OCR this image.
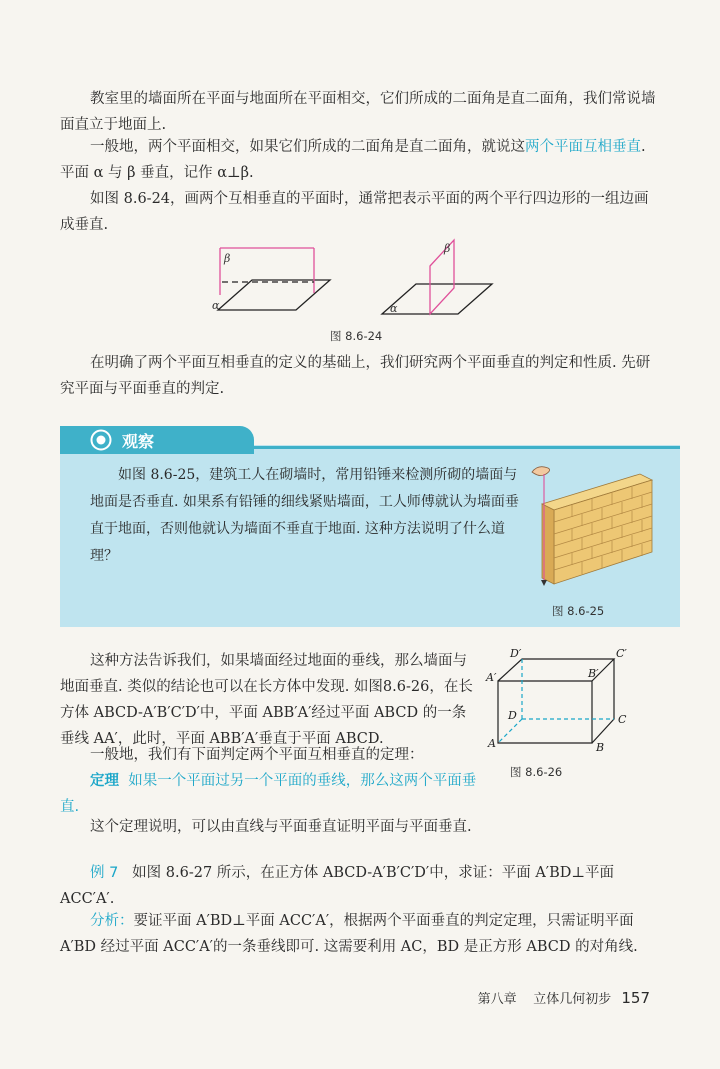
教室里的墙面所在平面与地面所在平面相交，它们所成的二面角是直二面角，我们常说墙面直立于地面上.

一般地，两个平面相交，如果它们所成的二面角是直二面角，就说这两个平面互相垂直. 平面 α 与 β 垂直，记作 α⊥β.

如图 8.6-24，画两个互相垂直的平面时，通常把表示平面的两个平行四边形的一组边画成垂直.

β
α
β
α
图 8.6-24

在明确了两个平面互相垂直的定义的基础上，我们研究两个平面垂直的判定和性质. 先研究平面与平面垂直的判定.

观察

如图 8.6-25，建筑工人在砌墙时，常用铅锤来检测所砌的墙面与地面是否垂直. 如果系有铅锤的细线紧贴墙面，工人师傅就认为墙面垂直于地面，否则他就认为墙面不垂直于地面. 这种方法说明了什么道理？

图 8.6-25

这种方法告诉我们，如果墙面经过地面的垂线，那么墙面与地面垂直. 类似的结论也可以在长方体中发现. 如图8.6-26，在长方体 ABCD-A′B′C′D′中，平面 ABB′A′经过平面 ABCD 的一条垂线 AA′，此时，平面 ABB′A′垂直于平面 ABCD.

D′	C′
A′	B′
D	C
A	B
图 8.6-26

一般地，我们有下面判定两个平面互相垂直的定理：

定理 如果一个平面过另一个平面的垂线，那么这两个平面垂直.

这个定理说明，可以由直线与平面垂直证明平面与平面垂直.

例 7 如图 8.6-27 所示，在正方体 ABCD-A′B′C′D′中，求证：平面 A′BD⊥平面 ACC′A′.

分析：要证平面 A′BD⊥平面 ACC′A′，根据两个平面垂直的判定定理，只需证明平面 A′BD 经过平面 ACC′A′的一条垂线即可. 这需要利用 AC，BD 是正方形 ABCD 的对角线.

第八章 立体几何初步 157
